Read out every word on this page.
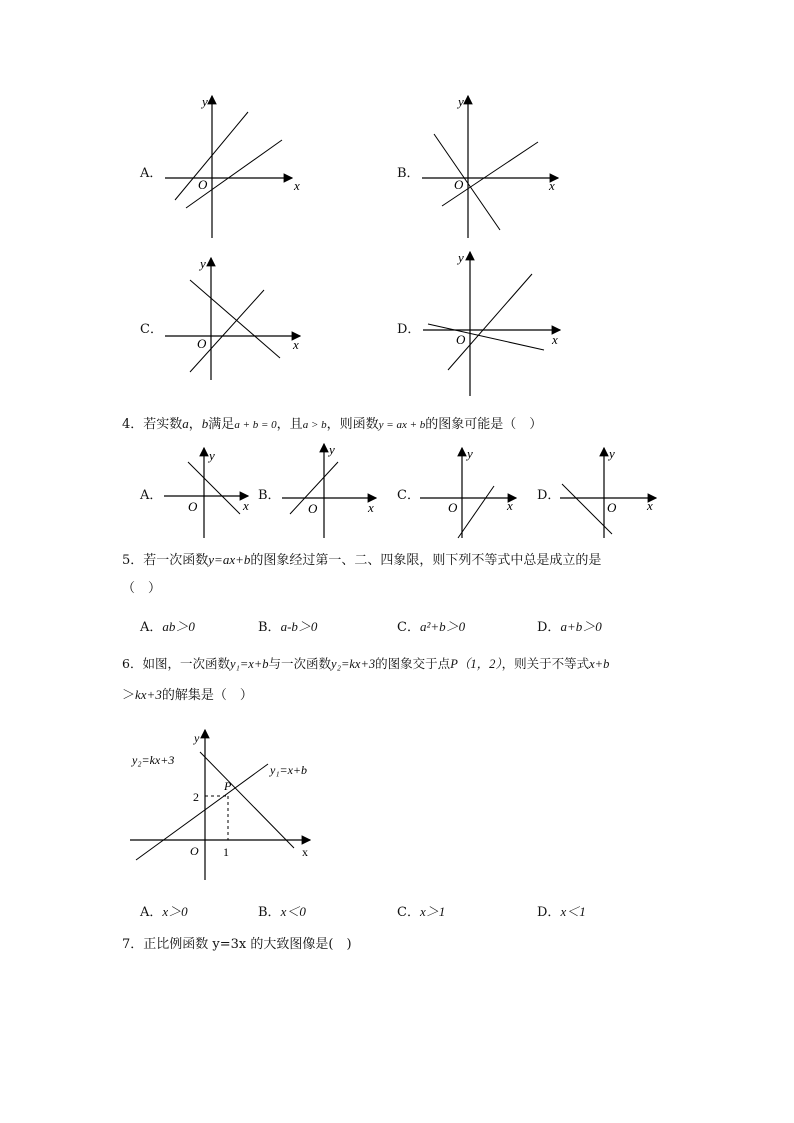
A．
y
x
O
B．
y
x
O
C．
y
x
O
D．
y
x
O
4．若实数a，b满足a + b = 0，且a > b，则函数y = ax + b的图象可能是（　）
A．
y
x
O
B．
y
x
O
C．
y
x
O
D．
y
x
O
5．若一次函数y=ax+b的图象经过第一、二、四象限，则下列不等式中总是成立的是
（　）
A．ab＞0	B．a-b＞0	C．a²+b＞0	D．a+b＞0
6．如图，一次函数y₁=x+b与一次函数y₂=kx+3的图象交于点P（1，2），则关于不等式x+b
＞kx+3的解集是（　）
y₂=kx+3
y₁=x+b
P
2
1
O	x
y
A．x＞0	B．x＜0	C．x＞1	D．x＜1
7．正比例函数 y=3x 的大致图像是(　)
